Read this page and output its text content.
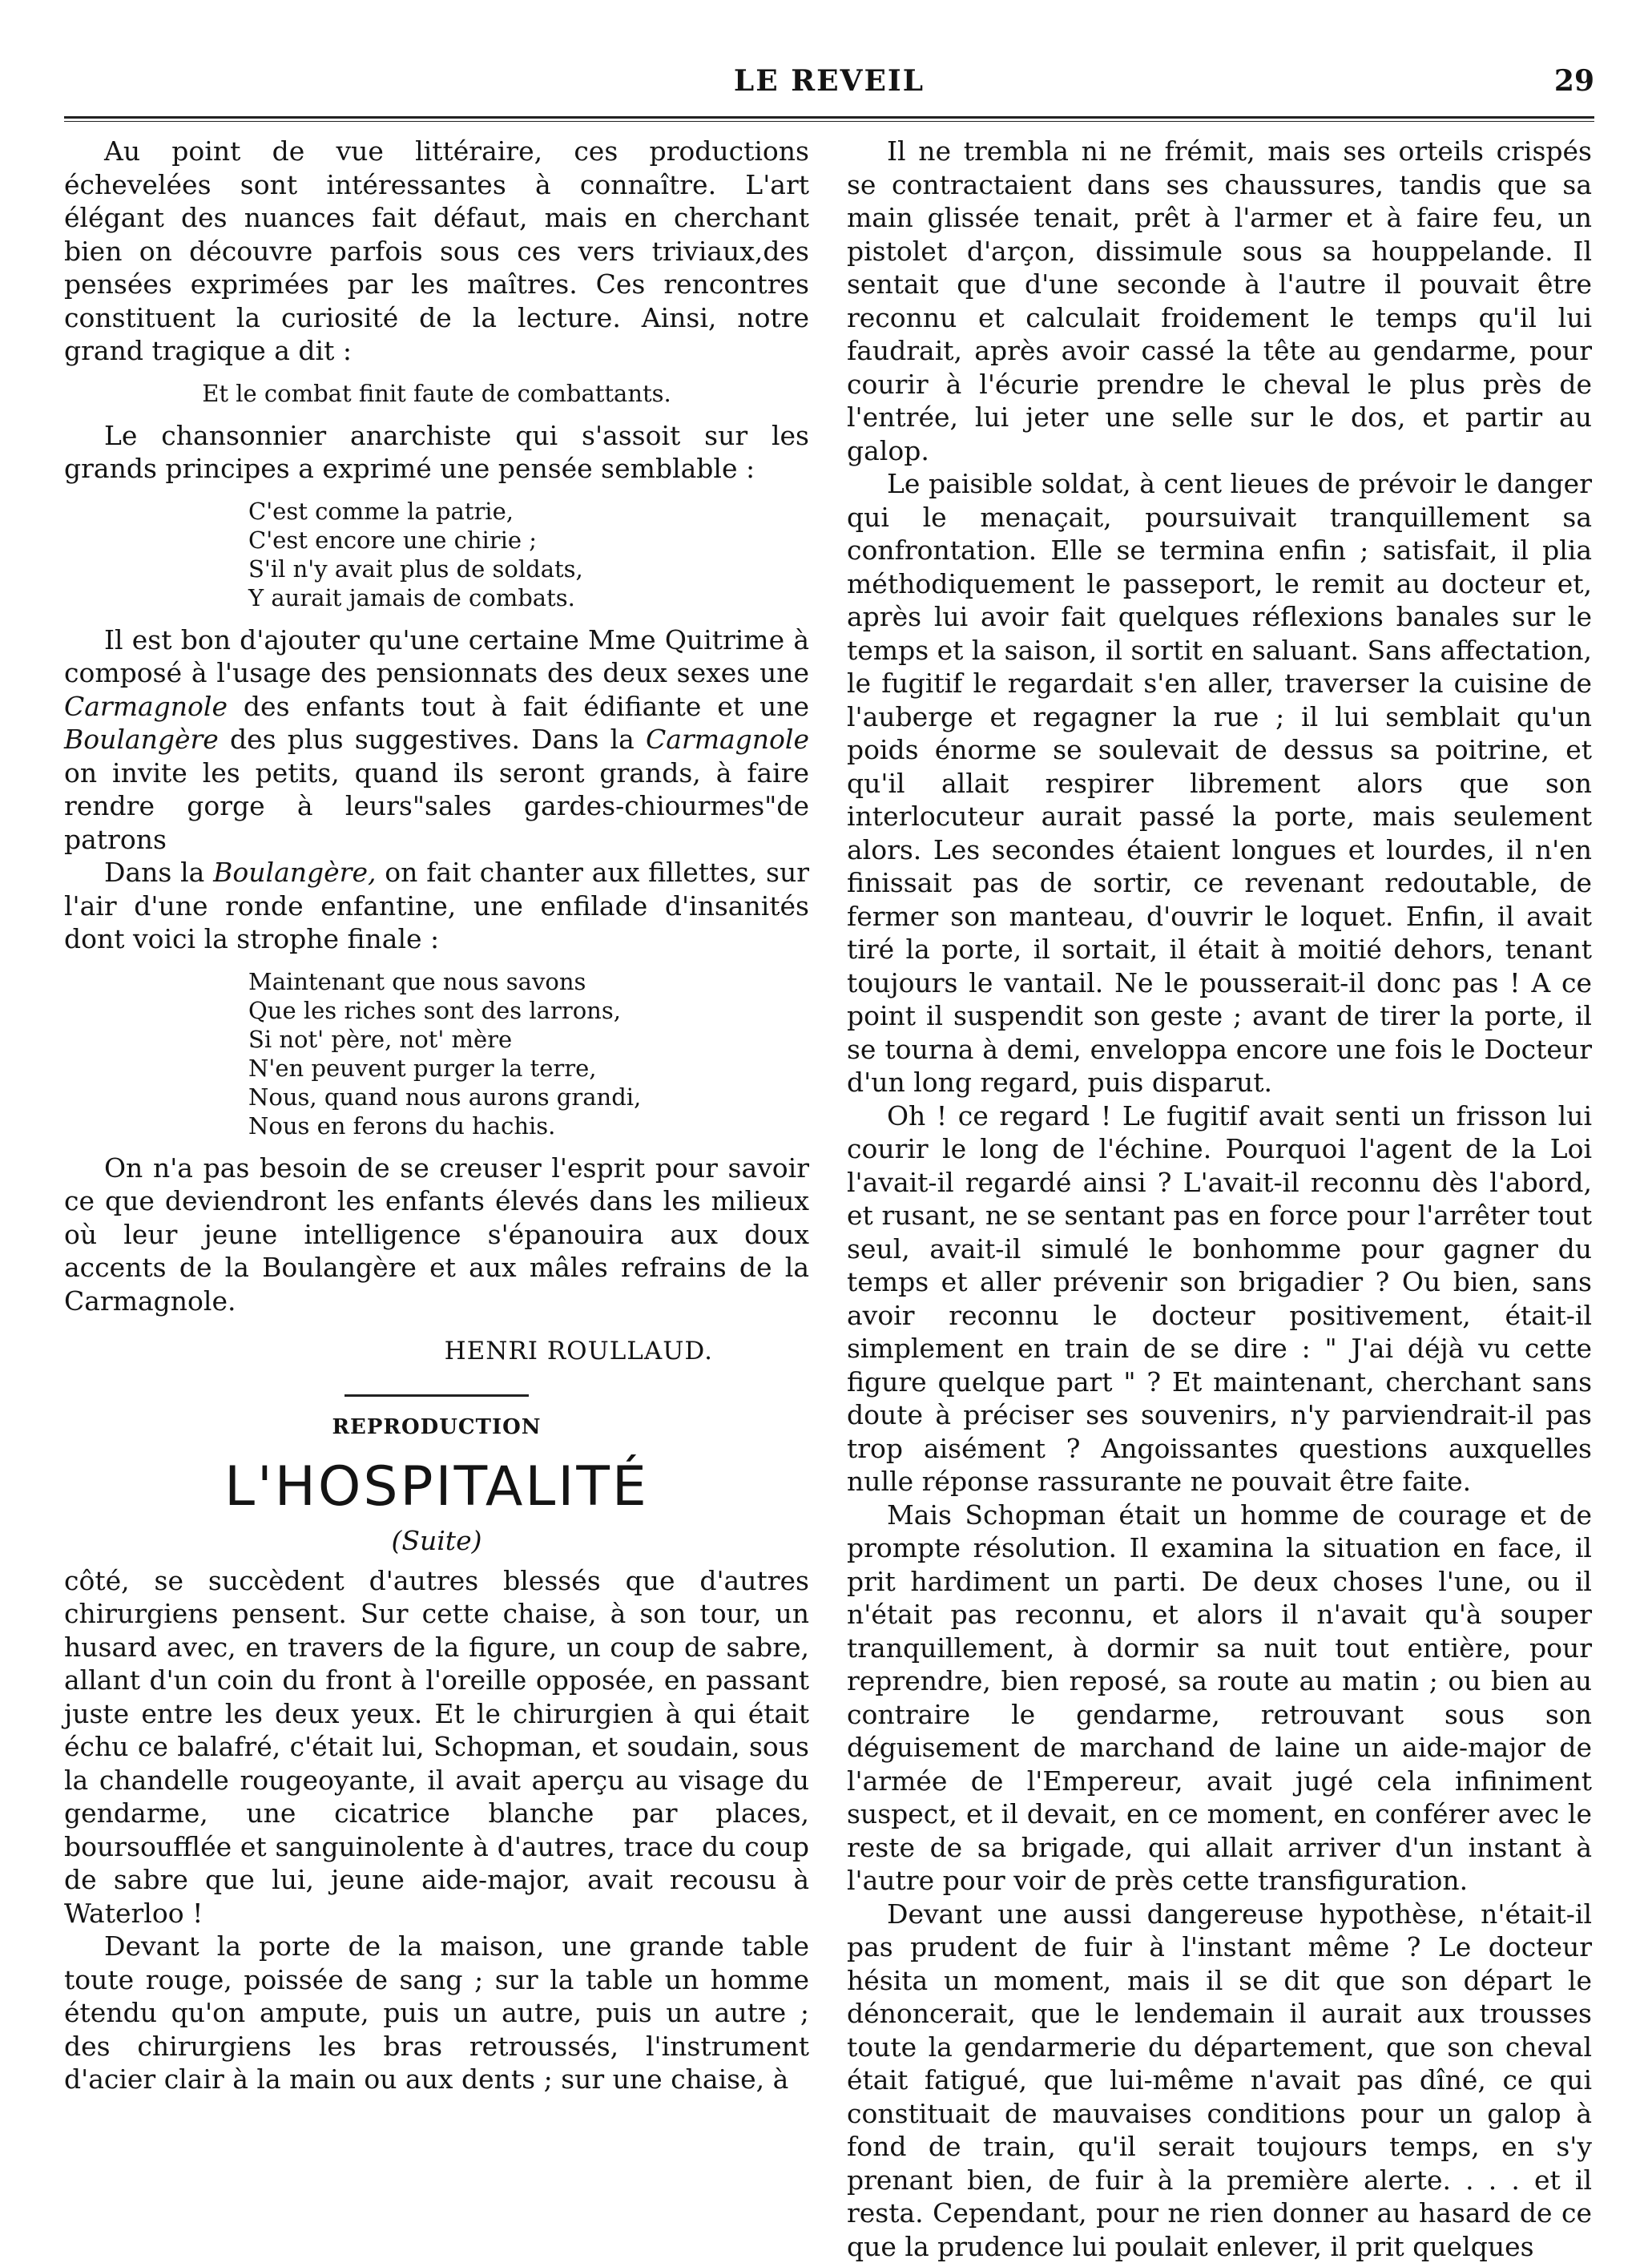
LE REVEIL	29

Au point de vue littéraire, ces productions échevelées sont intéressantes à connaître. L'art élégant des nuances fait défaut, mais en cherchant bien on découvre parfois sous ces vers triviaux,des pensées exprimées par les maîtres. Ces rencontres constituent la curiosité de la lecture. Ainsi, notre grand tragique a dit :

Et le combat finit faute de combattants.

Le chansonnier anarchiste qui s'assoit sur les grands principes a exprimé une pensée semblable :

C'est comme la patrie,
C'est encore une chirie ;
S'il n'y avait plus de soldats,
Y aurait jamais de combats.

Il est bon d'ajouter qu'une certaine Mme Quitrime à composé à l'usage des pensionnats des deux sexes une Carmagnole des enfants tout à fait édifiante et une Boulangère des plus suggestives. Dans la Carmagnole on invite les petits, quand ils seront grands, à faire rendre gorge à leurs"sales gardes-chiourmes"de patrons

Dans la Boulangère, on fait chanter aux fillettes, sur l'air d'une ronde enfantine, une enfilade d'insanités dont voici la strophe finale :

Maintenant que nous savons
Que les riches sont des larrons,
Si not' père, not' mère
N'en peuvent purger la terre,
Nous, quand nous aurons grandi,
Nous en ferons du hachis.

On n'a pas besoin de se creuser l'esprit pour savoir ce que deviendront les enfants élevés dans les milieux où leur jeune intelligence s'épanouira aux doux accents de la Boulangère et aux mâles refrains de la Carmagnole.

HENRI ROULLAUD.
REPRODUCTION
L'HOSPITALITÉ
(Suite)

côté, se succèdent d'autres blessés que d'autres chirurgiens pensent. Sur cette chaise, à son tour, un husard avec, en travers de la figure, un coup de sabre, allant d'un coin du front à l'oreille opposée, en passant juste entre les deux yeux. Et le chirurgien à qui était échu ce balafré, c'était lui, Schopman, et soudain, sous la chandelle rougeoyante, il avait aperçu au visage du gendarme, une cicatrice blanche par places, boursoufflée et sanguinolente à d'autres, trace du coup de sabre que lui, jeune aide-major, avait recousu à Waterloo !

Devant la porte de la maison, une grande table toute rouge, poissée de sang ; sur la table un homme étendu qu'on ampute, puis un autre, puis un autre ; des chirurgiens les bras retroussés, l'instrument d'acier clair à la main ou aux dents ; sur une chaise, à

Il ne trembla ni ne frémit, mais ses orteils crispés se contractaient dans ses chaussures, tandis que sa main glissée tenait, prêt à l'armer et à faire feu, un pistolet d'arçon, dissimule sous sa houppelande. Il sentait que d'une seconde à l'autre il pouvait être reconnu et calculait froidement le temps qu'il lui faudrait, après avoir cassé la tête au gendarme, pour courir à l'écurie prendre le cheval le plus près de l'entrée, lui jeter une selle sur le dos, et partir au galop.

Le paisible soldat, à cent lieues de prévoir le danger qui le menaçait, poursuivait tranquillement sa confrontation. Elle se termina enfin ; satisfait, il plia méthodiquement le passeport, le remit au docteur et, après lui avoir fait quelques réflexions banales sur le temps et la saison, il sortit en saluant. Sans affectation, le fugitif le regardait s'en aller, traverser la cuisine de l'auberge et regagner la rue ; il lui semblait qu'un poids énorme se soulevait de dessus sa poitrine, et qu'il allait respirer librement alors que son interlocuteur aurait passé la porte, mais seulement alors. Les secondes étaient longues et lourdes, il n'en finissait pas de sortir, ce revenant redoutable, de fermer son manteau, d'ouvrir le loquet. Enfin, il avait tiré la porte, il sortait, il était à moitié dehors, tenant toujours le vantail. Ne le pousserait-il donc pas ! A ce point il suspendit son geste ; avant de tirer la porte, il se tourna à demi, enveloppa encore une fois le Docteur d'un long regard, puis disparut.

Oh ! ce regard ! Le fugitif avait senti un frisson lui courir le long de l'échine. Pourquoi l'agent de la Loi l'avait-il regardé ainsi ? L'avait-il reconnu dès l'abord, et rusant, ne se sentant pas en force pour l'arrêter tout seul, avait-il simulé le bonhomme pour gagner du temps et aller prévenir son brigadier ? Ou bien, sans avoir reconnu le docteur positivement, était-il simplement en train de se dire : " J'ai déjà vu cette figure quelque part " ? Et maintenant, cherchant sans doute à préciser ses souvenirs, n'y parviendrait-il pas trop aisément ? Angoissantes questions auxquelles nulle réponse rassurante ne pouvait être faite.

Mais Schopman était un homme de courage et de prompte résolution. Il examina la situation en face, il prit hardiment un parti. De deux choses l'une, ou il n'était pas reconnu, et alors il n'avait qu'à souper tranquillement, à dormir sa nuit tout entière, pour reprendre, bien reposé, sa route au matin ; ou bien au contraire le gendarme, retrouvant sous son déguisement de marchand de laine un aide-major de l'armée de l'Empereur, avait jugé cela infiniment suspect, et il devait, en ce moment, en conférer avec le reste de sa brigade, qui allait arriver d'un instant à l'autre pour voir de près cette transfiguration.

Devant une aussi dangereuse hypothèse, n'était-il pas prudent de fuir à l'instant même ? Le docteur hésita un moment, mais il se dit que son départ le dénoncerait, que le lendemain il aurait aux trousses toute la gendarmerie du département, que son cheval était fatigué, que lui-même n'avait pas dîné, ce qui constituait de mauvaises conditions pour un galop à fond de train, qu'il serait toujours temps, en s'y prenant bien, de fuir à la première alerte. . . . et il resta. Cependant, pour ne rien donner au hasard de ce que la prudence lui poulait enlever, il prit quelques
